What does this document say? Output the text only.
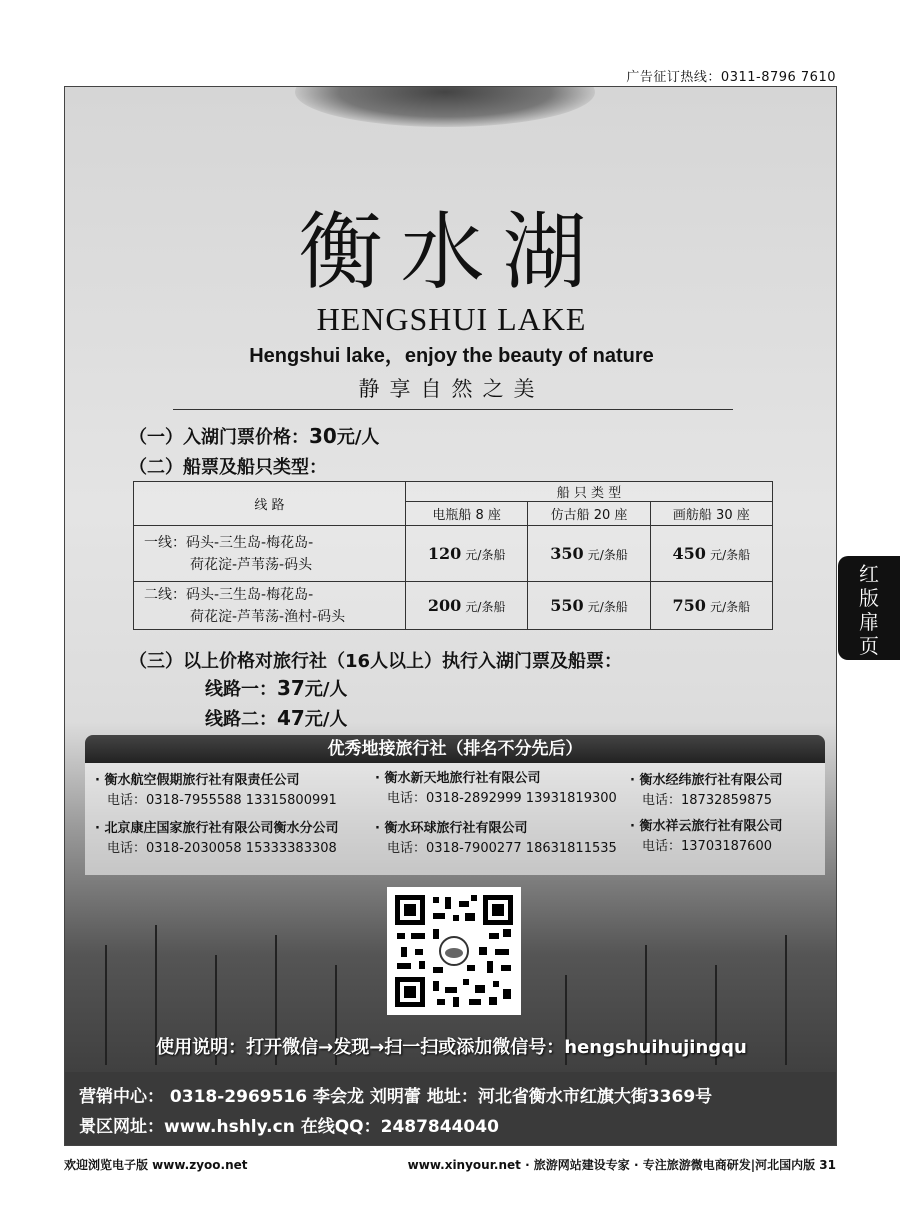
广告征订热线：0311-8796 7610
衡水湖
HENGSHUI LAKE
Hengshui lake，enjoy the beauty of nature
静享自然之美
（一）入湖门票价格：30元/人
（二）船票及船只类型：
线 路	船 只 类 型		
	电瓶船 8 座	仿古船 20 座	画舫船 30 座

一线：码头-三生岛-梅花岛-
荷花淀-芦苇荡-码头	120 元/条船	350 元/条船	450 元/条船

二线：码头-三生岛-梅花岛-
荷花淀-芦苇荡-渔村-码头	200 元/条船	550 元/条船	750 元/条船
（三）以上价格对旅行社（16人以上）执行入湖门票及船票：
线路一：37元/人
线路二：47元/人
优秀地接旅行社（排名不分先后）
· 衡水航空假期旅行社有限责任公司
电话：0318-7955588 13315800991
· 衡水新天地旅行社有限公司
电话：0318-2892999 13931819300
· 衡水经纬旅行社有限公司
电话：18732859875
· 北京康庄国家旅行社有限公司衡水分公司
电话：0318-2030058 15333383308
· 衡水环球旅行社有限公司
电话：0318-7900277 18631811535
· 衡水祥云旅行社有限公司
电话：13703187600
使用说明：打开微信→发现→扫一扫或添加微信号：hengshuihujingqu
营销中心： 0318-2969516 李会龙 刘明蕾 地址：河北省衡水市红旗大街3369号
景区网址：www.hshly.cn 在线QQ：2487844040
红
版
扉
页
欢迎浏览电子版 www.zyoo.net	www.xinyour.net · 旅游网站建设专家 · 专注旅游微电商研发|河北国内版 31
